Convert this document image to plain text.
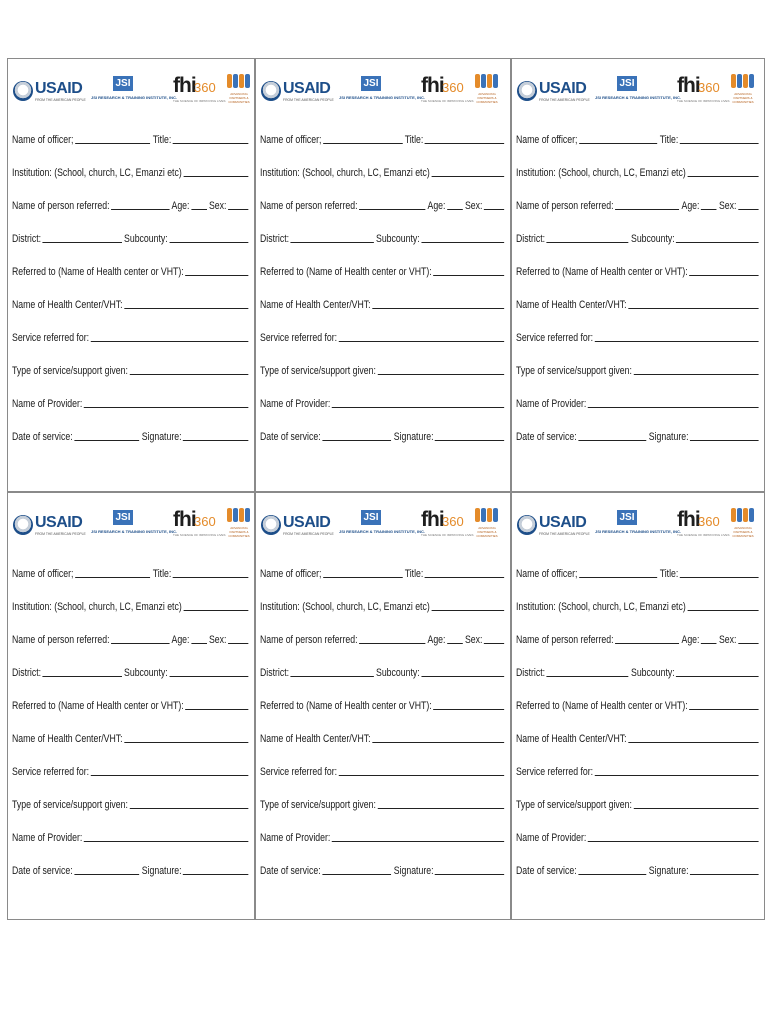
USAID
FROM THE AMERICAN PEOPLE
JSI
JSI RESEARCH & TRAINING INSTITUTE, INC.
fhi
360
THE SCIENCE OF IMPROVING LIVES
ADVANCING PARTNERS & COMMUNITIES
Name of officer;	Title:
Institution: (School, church, LC, Emanzi etc)
Name of person referred:	Age: Sex:
District:	Subcounty:
Referred to (Name of Health center or VHT):
Name of Health Center/VHT:
Service referred for:
Type of service/support given:
Name of Provider:
Date of service:	Signature:
USAID
FROM THE AMERICAN PEOPLE
JSI
JSI RESEARCH & TRAINING INSTITUTE, INC.
fhi
360
THE SCIENCE OF IMPROVING LIVES
ADVANCING PARTNERS & COMMUNITIES
Name of officer;	Title:
Institution: (School, church, LC, Emanzi etc)
Name of person referred:	Age: Sex:
District:	Subcounty:
Referred to (Name of Health center or VHT):
Name of Health Center/VHT:
Service referred for:
Type of service/support given:
Name of Provider:
Date of service:	Signature:
USAID
FROM THE AMERICAN PEOPLE
JSI
JSI RESEARCH & TRAINING INSTITUTE, INC.
fhi
360
THE SCIENCE OF IMPROVING LIVES
ADVANCING PARTNERS & COMMUNITIES
Name of officer;	Title:
Institution: (School, church, LC, Emanzi etc)
Name of person referred:	Age: Sex:
District:	Subcounty:
Referred to (Name of Health center or VHT):
Name of Health Center/VHT:
Service referred for:
Type of service/support given:
Name of Provider:
Date of service:	Signature:
USAID
FROM THE AMERICAN PEOPLE
JSI
JSI RESEARCH & TRAINING INSTITUTE, INC.
fhi
360
THE SCIENCE OF IMPROVING LIVES
ADVANCING PARTNERS & COMMUNITIES
Name of officer;	Title:
Institution: (School, church, LC, Emanzi etc)
Name of person referred:	Age: Sex:
District:	Subcounty:
Referred to (Name of Health center or VHT):
Name of Health Center/VHT:
Service referred for:
Type of service/support given:
Name of Provider:
Date of service:	Signature:
USAID
FROM THE AMERICAN PEOPLE
JSI
JSI RESEARCH & TRAINING INSTITUTE, INC.
fhi
360
THE SCIENCE OF IMPROVING LIVES
ADVANCING PARTNERS & COMMUNITIES
Name of officer;	Title:
Institution: (School, church, LC, Emanzi etc)
Name of person referred:	Age: Sex:
District:	Subcounty:
Referred to (Name of Health center or VHT):
Name of Health Center/VHT:
Service referred for:
Type of service/support given:
Name of Provider:
Date of service:	Signature:
USAID
FROM THE AMERICAN PEOPLE
JSI
JSI RESEARCH & TRAINING INSTITUTE, INC.
fhi
360
THE SCIENCE OF IMPROVING LIVES
ADVANCING PARTNERS & COMMUNITIES
Name of officer;	Title:
Institution: (School, church, LC, Emanzi etc)
Name of person referred:	Age: Sex:
District:	Subcounty:
Referred to (Name of Health center or VHT):
Name of Health Center/VHT:
Service referred for:
Type of service/support given:
Name of Provider:
Date of service:	Signature:
